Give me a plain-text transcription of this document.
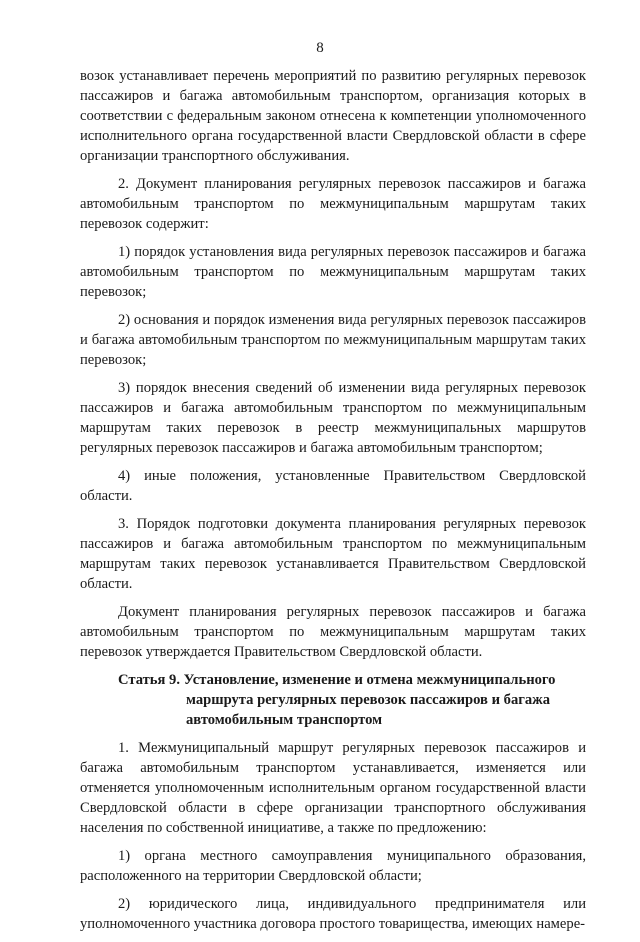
8

возок устанавливает перечень мероприятий по развитию регулярных перевозок пассажиров и багажа автомобильным транспортом, организация которых в соответствии с федеральным законом отнесена к компетенции уполномоченного исполнительного органа государственной власти Свердловской области в сфере организации транспортного обслуживания.

2. Документ планирования регулярных перевозок пассажиров и багажа автомобильным транспортом по межмуниципальным маршрутам таких перевозок содержит:

1) порядок установления вида регулярных перевозок пассажиров и багажа автомобильным транспортом по межмуниципальным маршрутам таких перевозок;

2) основания и порядок изменения вида регулярных перевозок пассажиров и багажа автомобильным транспортом по межмуниципальным маршрутам таких перевозок;

3) порядок внесения сведений об изменении вида регулярных перевозок пассажиров и багажа автомобильным транспортом по межмуниципальным маршрутам таких перевозок в реестр межмуниципальных маршрутов регулярных перевозок пассажиров и багажа автомобильным транспортом;

4) иные положения, установленные Правительством Свердловской области.

3. Порядок подготовки документа планирования регулярных перевозок пассажиров и багажа автомобильным транспортом по межмуниципальным маршрутам таких перевозок устанавливается Правительством Свердловской области.

Документ планирования регулярных перевозок пассажиров и багажа автомобильным транспортом по межмуниципальным маршрутам таких перевозок утверждается Правительством Свердловской области.

Статья 9. Установление, изменение и отмена межмуниципального
маршрута регулярных перевозок пассажиров и багажа
автомобильным транспортом

1. Межмуниципальный маршрут регулярных перевозок пассажиров и багажа автомобильным транспортом устанавливается, изменяется или отменяется уполномоченным исполнительным органом государственной власти Свердловской области в сфере организации транспортного обслуживания населения по собственной инициативе, а также по предложению:

1) органа местного самоуправления муниципального образования, расположенного на территории Свердловской области;

2) юридического лица, индивидуального предпринимателя или уполномоченного участника договора простого товарищества, имеющих намере-
